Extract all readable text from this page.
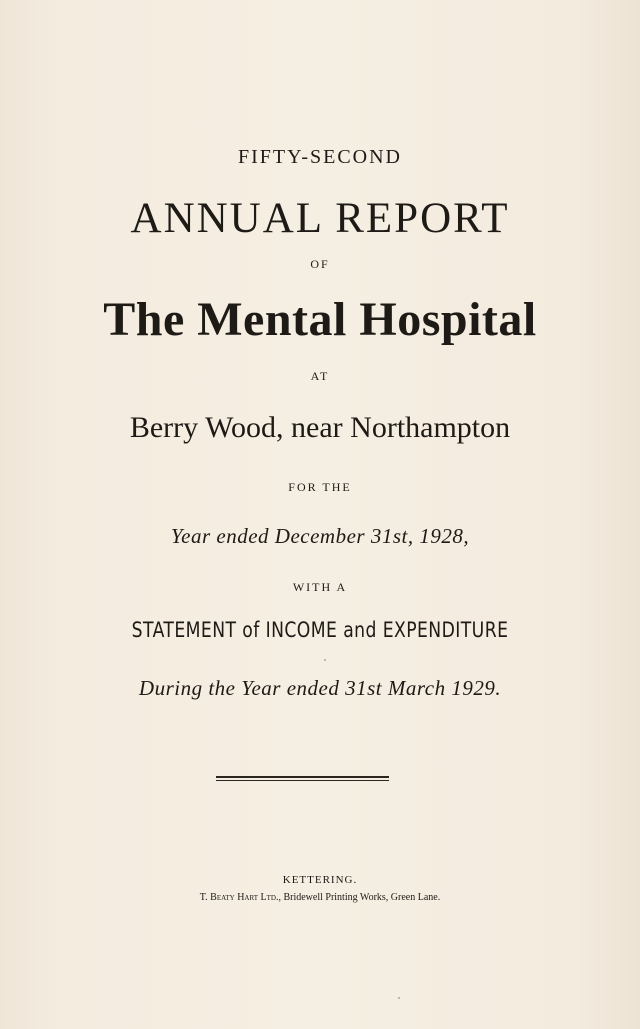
FIFTY-SECOND
ANNUAL REPORT
OF
The Mental Hospital
AT
Berry Wood, near Northampton
FOR THE
Year ended December 31st, 1928,
WITH A
STATEMENT of INCOME and EXPENDITURE
During the Year ended 31st March 1929.
KETTERING.
T. Beaty Hart Ltd., Bridewell Printing Works, Green Lane.
